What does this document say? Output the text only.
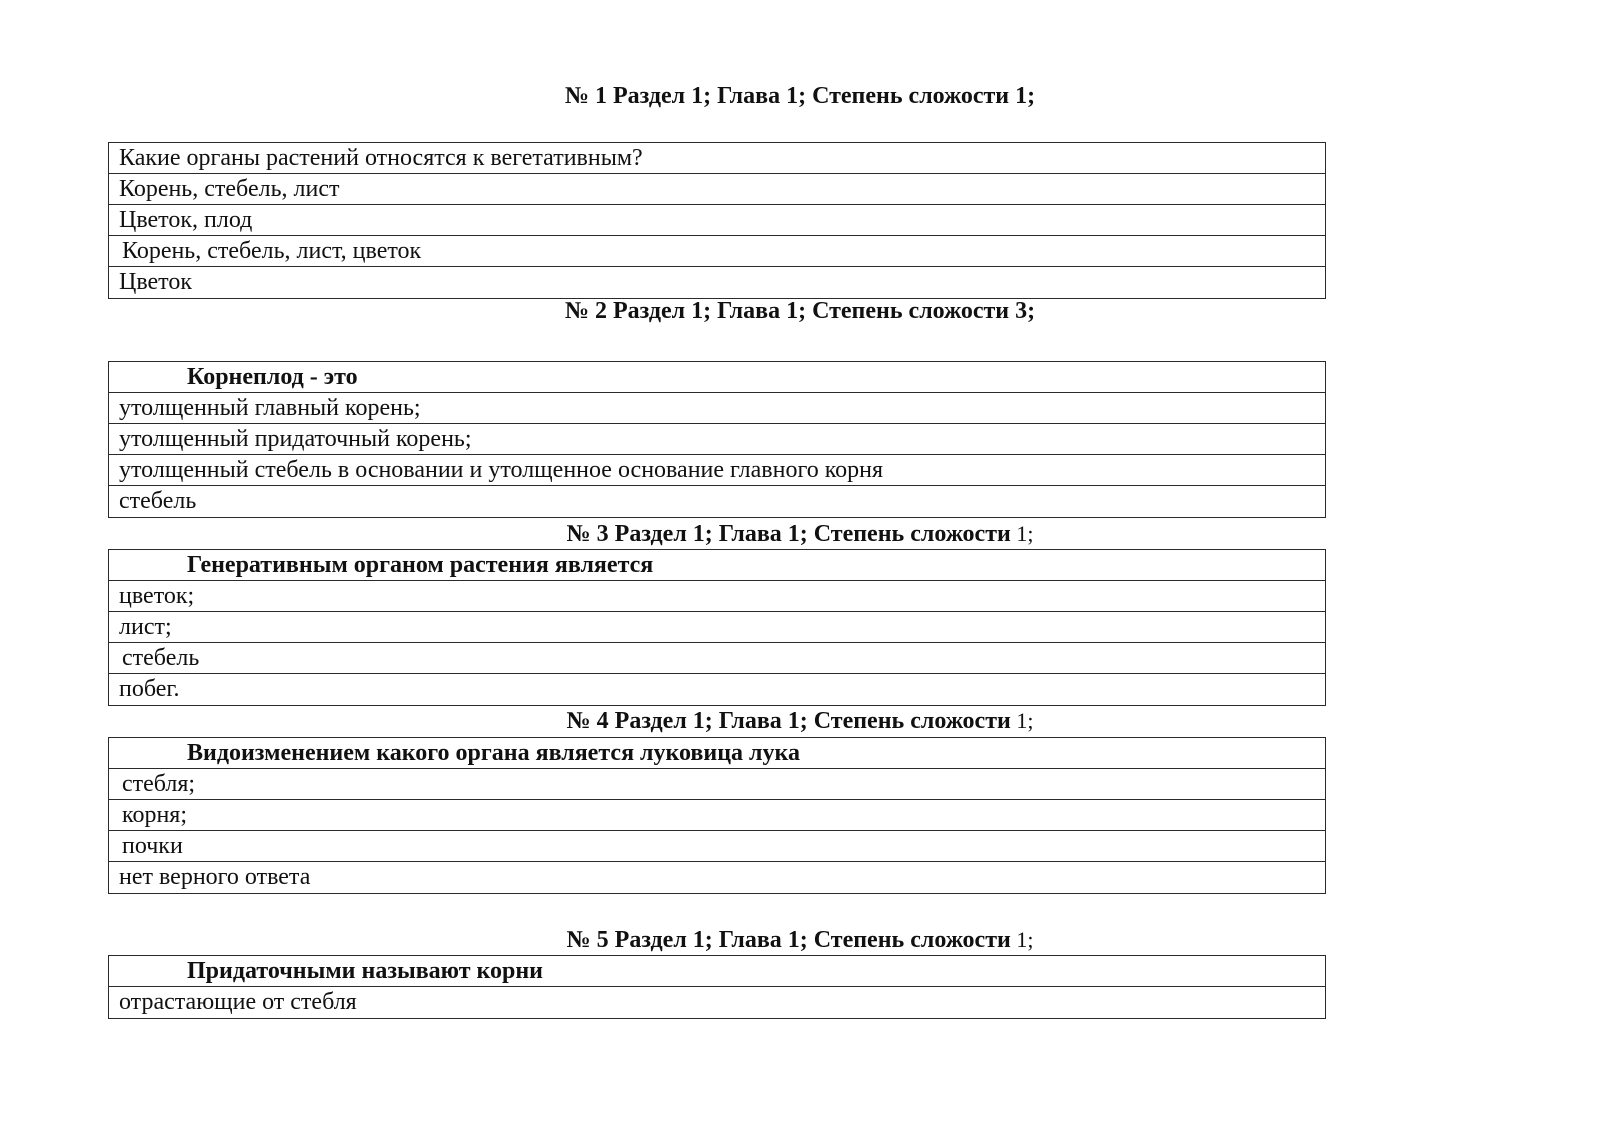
№ 1 Раздел 1; Глава 1; Степень сложости 1;
Какие органы растений относятся к вегетативным?
Корень, стебель, лист
Цветок, плод
Корень, стебель, лист, цветок
Цветок
№ 2 Раздел 1; Глава 1; Степень сложости 3;
Корнеплод - это
утолщенный главный корень;
утолщенный придаточный корень;
утолщенный стебель в основании и утолщенное основание главного корня
стебель
№ 3 Раздел 1; Глава 1; Степень сложости 1;
Генеративным органом растения является
цветок;
лист;
стебель
побег.
№ 4 Раздел 1; Глава 1; Степень сложости 1;
Видоизменением какого органа является луковица лука
стебля;
корня;
почки
нет верного ответа
№ 5 Раздел 1; Глава 1; Степень сложости 1;
Придаточными называют корни
отрастающие от стебля
